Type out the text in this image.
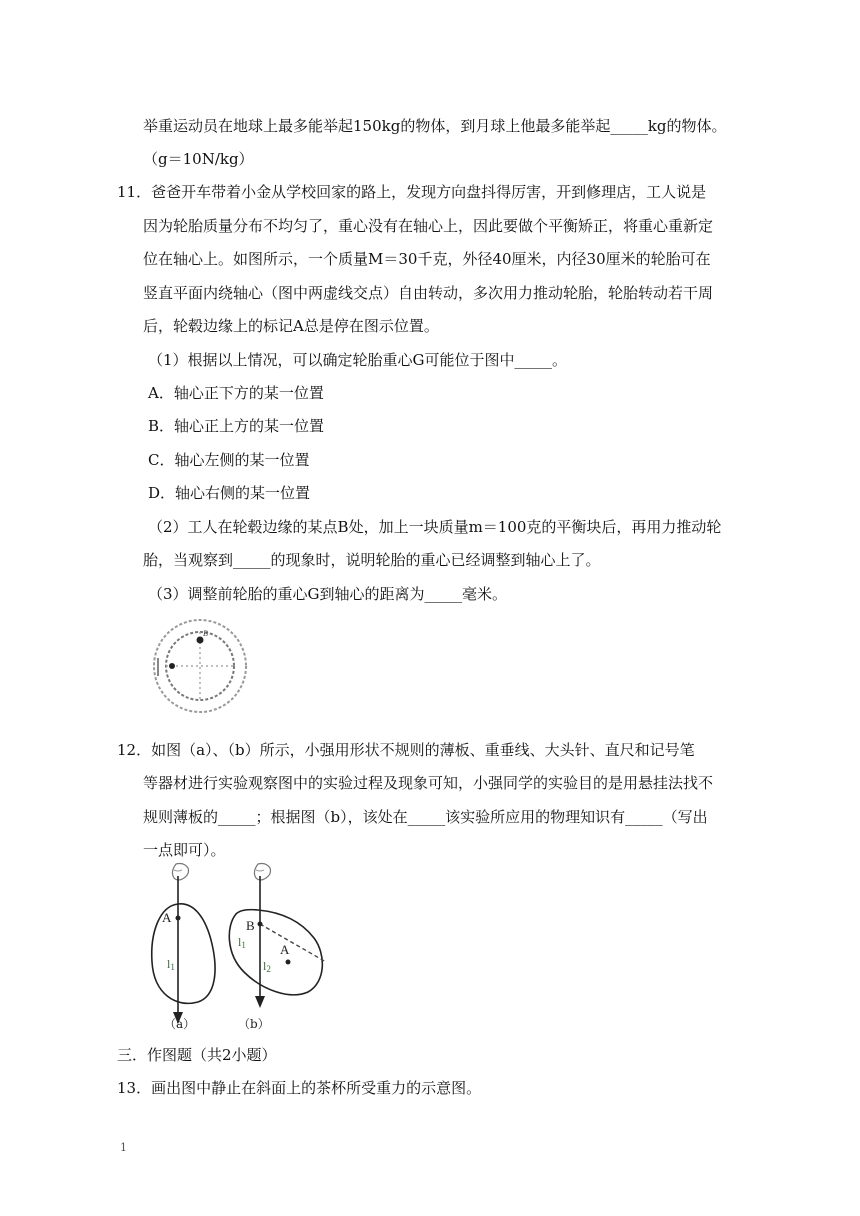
举重运动员在地球上最多能举起150kg的物体，到月球上他最多能举起_____kg的物体。
（g＝10N/kg）
11．爸爸开车带着小金从学校回家的路上，发现方向盘抖得厉害，开到修理店，工人说是
因为轮胎质量分布不均匀了，重心没有在轴心上，因此要做个平衡矫正，将重心重新定
位在轴心上。如图所示，一个质量M＝30千克，外径40厘米，内径30厘米的轮胎可在
竖直平面内绕轴心（图中两虚线交点）自由转动，多次用力推动轮胎，轮胎转动若干周
后，轮毂边缘上的标记A总是停在图示位置。
（1）根据以上情况，可以确定轮胎重心G可能位于图中_____。
A．轴心正下方的某一位置
B．轴心正上方的某一位置
C．轴心左侧的某一位置
D．轴心右侧的某一位置
（2）工人在轮毂边缘的某点B处，加上一块质量m＝100克的平衡块后，再用力推动轮
胎，当观察到_____的现象时，说明轮胎的重心已经调整到轴心上了。
（3）调整前轮胎的重心G到轴心的距离为_____毫米。
B
12．如图（a）、（b）所示，小强用形状不规则的薄板、重垂线、大头针、直尺和记号笔
等器材进行实验观察图中的实验过程及现象可知，小强同学的实验目的是用悬挂法找不
规则薄板的_____；根据图（b），该处在_____该实验所应用的物理知识有_____（写出
一点即可）。
A
l1
（a）
B
A
l1
l2
（b）
三．作图题（共2小题）
13．画出图中静止在斜面上的茶杯所受重力的示意图。
1
